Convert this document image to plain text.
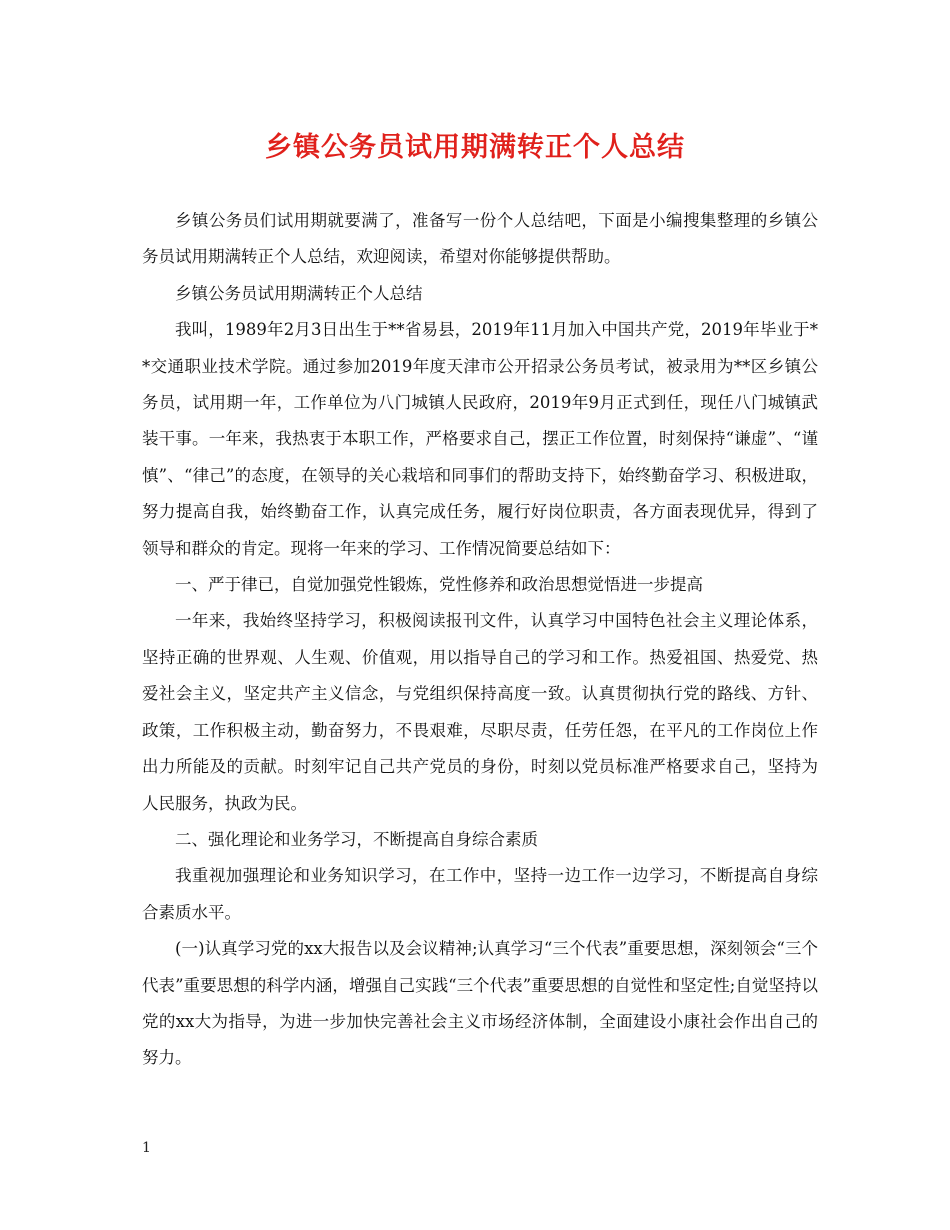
乡镇公务员试用期满转正个人总结

乡镇公务员们试用期就要满了，准备写一份个人总结吧，下面是小编搜集整理的乡镇公务员试用期满转正个人总结，欢迎阅读，希望对你能够提供帮助。

乡镇公务员试用期满转正个人总结

我叫，1989年2月3日出生于**省易县，2019年11月加入中国共产党，2019年毕业于**交通职业技术学院。通过参加2019年度天津市公开招录公务员考试，被录用为**区乡镇公务员，试用期一年，工作单位为八门城镇人民政府，2019年9月正式到任，现任八门城镇武装干事。一年来，我热衷于本职工作，严格要求自己，摆正工作位置，时刻保持“谦虚”、“谨慎”、“律己”的态度，在领导的关心栽培和同事们的帮助支持下，始终勤奋学习、积极进取，努力提高自我，始终勤奋工作，认真完成任务，履行好岗位职责，各方面表现优异，得到了领导和群众的肯定。现将一年来的学习、工作情况简要总结如下：

一、严于律已，自觉加强党性锻炼，党性修养和政治思想觉悟进一步提高

一年来，我始终坚持学习，积极阅读报刊文件，认真学习中国特色社会主义理论体系，坚持正确的世界观、人生观、价值观，用以指导自己的学习和工作。热爱祖国、热爱党、热爱社会主义，坚定共产主义信念，与党组织保持高度一致。认真贯彻执行党的路线、方针、政策，工作积极主动，勤奋努力，不畏艰难，尽职尽责，任劳任怨，在平凡的工作岗位上作出力所能及的贡献。时刻牢记自己共产党员的身份，时刻以党员标准严格要求自己，坚持为人民服务，执政为民。

二、强化理论和业务学习，不断提高自身综合素质

我重视加强理论和业务知识学习，在工作中，坚持一边工作一边学习，不断提高自身综合素质水平。

(一)认真学习党的xx大报告以及会议精神;认真学习“三个代表”重要思想，深刻领会“三个代表”重要思想的科学内涵，增强自己实践“三个代表”重要思想的自觉性和坚定性;自觉坚持以党的xx大为指导，为进一步加快完善社会主义市场经济体制，全面建设小康社会作出自己的努力。

1
